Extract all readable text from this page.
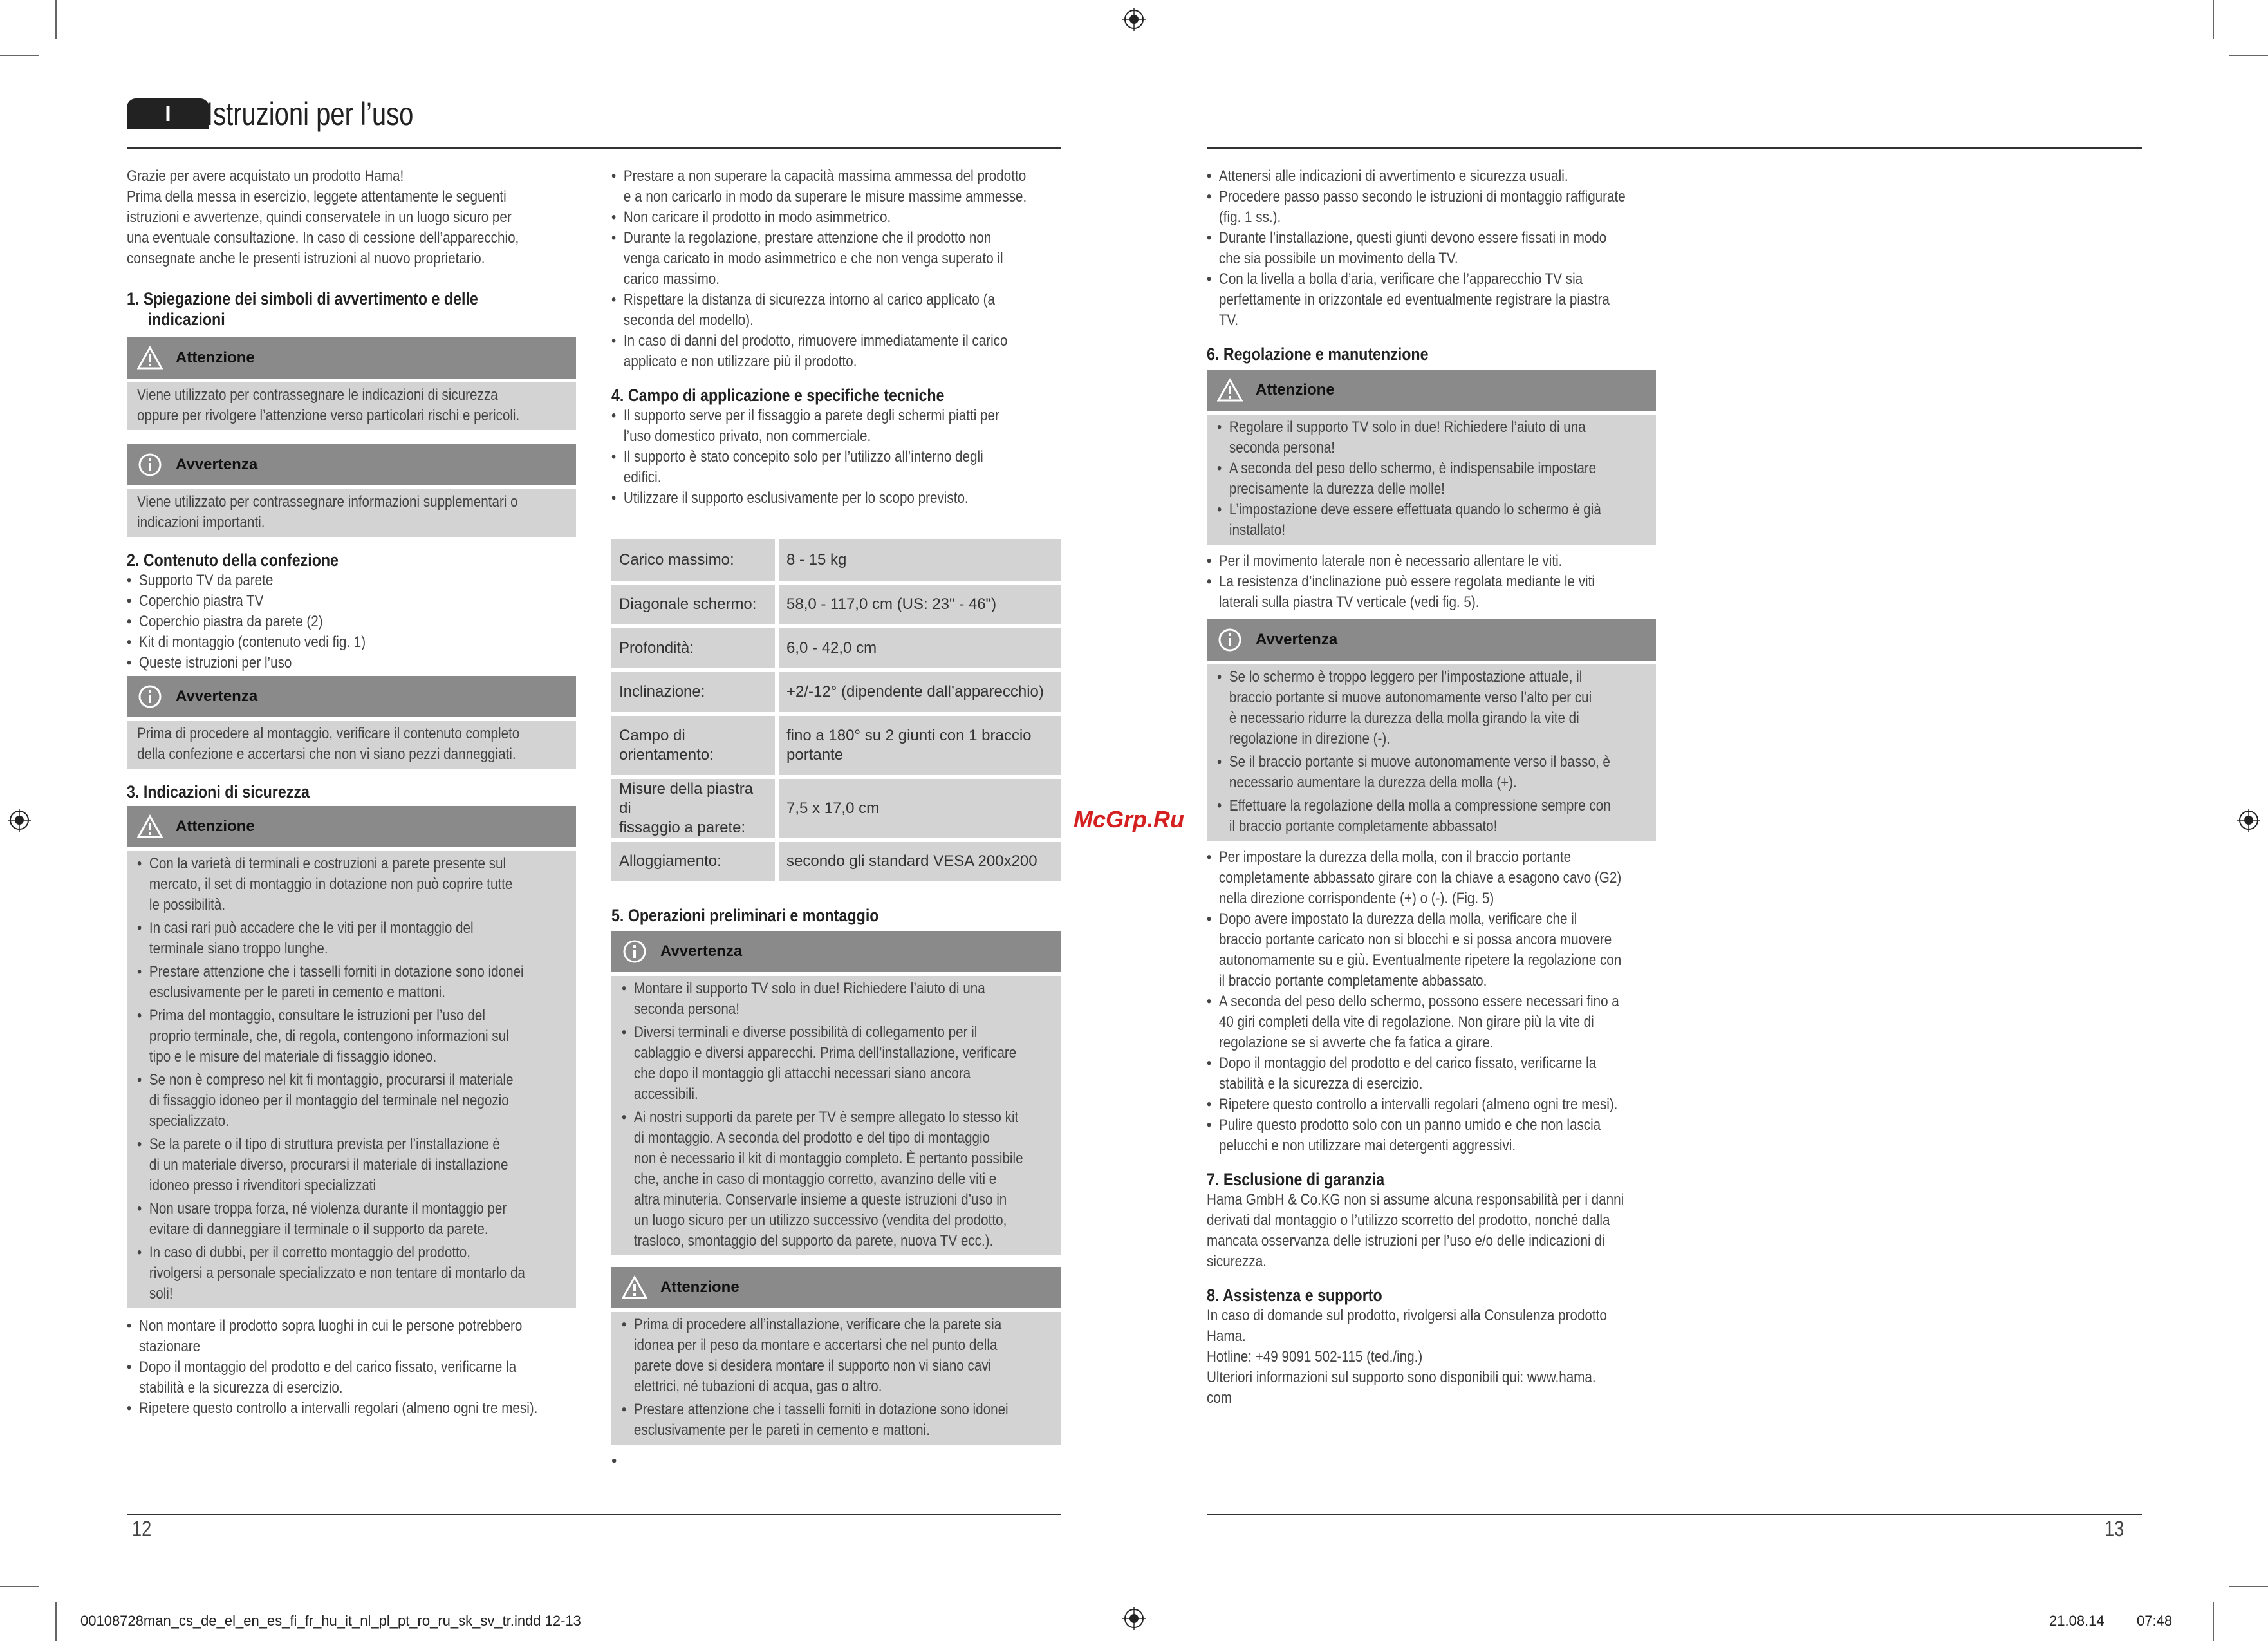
I	Istruzioni per l’uso

Grazie per avere acquistato un prodotto Hama!

Prima della messa in esercizio, leggete attentamente le seguenti

istruzioni e avvertenze, quindi conservatele in un luogo sicuro per

una eventuale consultazione. In caso di cessione dell’apparecchio,

consegnate anche le presenti istruzioni al nuovo proprietario.

1. Spiegazione dei simboli di avvertimento e delle

indicazioni

Attenzione

Viene utilizzato per contrassegnare le indicazioni di sicurezza

oppure per rivolgere l’attenzione verso particolari rischi e pericoli.

Avvertenza

Viene utilizzato per contrassegnare informazioni supplementari o

indicazioni importanti.

2. Contenuto della confezione

• Supporto TV da parete

• Coperchio piastra TV

• Coperchio piastra da parete (2)

• Kit di montaggio (contenuto vedi fig. 1)

• Queste istruzioni per l’uso

Avvertenza

Prima di procedere al montaggio, verificare il contenuto completo

della confezione e accertarsi che non vi siano pezzi danneggiati.

3. Indicazioni di sicurezza

Attenzione

• Con la varietà di terminali e costruzioni a parete presente sul

mercato, il set di montaggio in dotazione non può coprire tutte

le possibilità.

• In casi rari può accadere che le viti per il montaggio del

terminale siano troppo lunghe.

• Prestare attenzione che i tasselli forniti in dotazione sono idonei

esclusivamente per le pareti in cemento e mattoni.

• Prima del montaggio, consultare le istruzioni per l’uso del

proprio terminale, che, di regola, contengono informazioni sul

tipo e le misure del materiale di fissaggio idoneo.

• Se non è compreso nel kit fi montaggio, procurarsi il materiale

di fissaggio idoneo per il montaggio del terminale nel negozio

specializzato.

• Se la parete o il tipo di struttura prevista per l’installazione è

di un materiale diverso, procurarsi il materiale di installazione

idoneo presso i rivenditori specializzati

• Non usare troppa forza, né violenza durante il montaggio per

evitare di danneggiare il terminale o il supporto da parete.

• In caso di dubbi, per il corretto montaggio del prodotto,

rivolgersi a personale specializzato e non tentare di montarlo da

soli!

• Non montare il prodotto sopra luoghi in cui le persone potrebbero

stazionare

• Dopo il montaggio del prodotto e del carico fissato, verificarne la

stabilità e la sicurezza di esercizio.

• Ripetere questo controllo a intervalli regolari (almeno ogni tre mesi).

• Prestare a non superare la capacità massima ammessa del prodotto

e a non caricarlo in modo da superare le misure massime ammesse.

• Non caricare il prodotto in modo asimmetrico.

• Durante la regolazione, prestare attenzione che il prodotto non

venga caricato in modo asimmetrico e che non venga superato il

carico massimo.

• Rispettare la distanza di sicurezza intorno al carico applicato (a

seconda del modello).

• In caso di danni del prodotto, rimuovere immediatamente il carico

applicato e non utilizzare più il prodotto.

4. Campo di applicazione e specifiche tecniche

• Il supporto serve per il fissaggio a parete degli schermi piatti per

l’uso domestico privato, non commerciale.

• Il supporto è stato concepito solo per l’utilizzo all’interno degli

edifici.

• Utilizzare il supporto esclusivamente per lo scopo previsto.

Carico massimo:	8 - 15 kg
Diagonale schermo:	58,0 - 117,0 cm (US: 23" - 46")
Profondità:	6,0 - 42,0 cm
Inclinazione:	+2/-12° (dipendente dall’apparecchio)
Campo di orientamento:	fino a 180° su 2 giunti con 1 braccio
portante

Misure della piastra di
fissaggio a parete:	7,5 x 17,0 cm
Alloggiamento:	secondo gli standard VESA 200x200

5. Operazioni preliminari e montaggio

Avvertenza

• Montare il supporto TV solo in due! Richiedere l’aiuto di una

seconda persona!

• Diversi terminali e diverse possibilità di collegamento per il

cablaggio e diversi apparecchi. Prima dell’installazione, verificare

che dopo il montaggio gli attacchi necessari siano ancora

accessibili.

• Ai nostri supporti da parete per TV è sempre allegato lo stesso kit

di montaggio. A seconda del prodotto e del tipo di montaggio

non è necessario il kit di montaggio completo. È pertanto possibile

che, anche in caso di montaggio corretto, avanzino delle viti e

altra minuteria. Conservarle insieme a queste istruzioni d’uso in

un luogo sicuro per un utilizzo successivo (vendita del prodotto,

trasloco, smontaggio del supporto da parete, nuova TV ecc.).

Attenzione

• Prima di procedere all’installazione, verificare che la parete sia

idonea per il peso da montare e accertarsi che nel punto della

parete dove si desidera montare il supporto non vi siano cavi

elettrici, né tubazioni di acqua, gas o altro.

• Prestare attenzione che i tasselli forniti in dotazione sono idonei

esclusivamente per le pareti in cemento e mattoni.

•

• Attenersi alle indicazioni di avvertimento e sicurezza usuali.

• Procedere passo passo secondo le istruzioni di montaggio raffigurate

(fig. 1 ss.).

• Durante l’installazione, questi giunti devono essere fissati in modo

che sia possibile un movimento della TV.

• Con la livella a bolla d’aria, verificare che l’apparecchio TV sia

perfettamente in orizzontale ed eventualmente registrare la piastra

TV.

6. Regolazione e manutenzione

Attenzione

• Regolare il supporto TV solo in due! Richiedere l’aiuto di una

seconda persona!

• A seconda del peso dello schermo, è indispensabile impostare

precisamente la durezza delle molle!

• L’impostazione deve essere effettuata quando lo schermo è già

installato!

• Per il movimento laterale non è necessario allentare le viti.

• La resistenza d’inclinazione può essere regolata mediante le viti

laterali sulla piastra TV verticale (vedi fig. 5).

Avvertenza

• Se lo schermo è troppo leggero per l’impostazione attuale, il

braccio portante si muove autonomamente verso l’alto per cui

è necessario ridurre la durezza della molla girando la vite di

regolazione in direzione (-).

• Se il braccio portante si muove autonomamente verso il basso, è

necessario aumentare la durezza della molla (+).

• Effettuare la regolazione della molla a compressione sempre con

il braccio portante completamente abbassato!

• Per impostare la durezza della molla, con il braccio portante

completamente abbassato girare con la chiave a esagono cavo (G2)

nella direzione corrispondente (+) o (-). (Fig. 5)

• Dopo avere impostato la durezza della molla, verificare che il

braccio portante caricato non si blocchi e si possa ancora muovere

autonomamente su e giù. Eventualmente ripetere la regolazione con

il braccio portante completamente abbassato.

• A seconda del peso dello schermo, possono essere necessari fino a

40 giri completi della vite di regolazione. Non girare più la vite di

regolazione se si avverte che fa fatica a girare.

• Dopo il montaggio del prodotto e del carico fissato, verificarne la

stabilità e la sicurezza di esercizio.

• Ripetere questo controllo a intervalli regolari (almeno ogni tre mesi).

• Pulire questo prodotto solo con un panno umido e che non lascia

pelucchi e non utilizzare mai detergenti aggressivi.

7. Esclusione di garanzia

Hama GmbH & Co.KG non si assume alcuna responsabilità per i danni

derivati dal montaggio o l’utilizzo scorretto del prodotto, nonché dalla

mancata osservanza delle istruzioni per l’uso e/o delle indicazioni di

sicurezza.

8. Assistenza e supporto

In caso di domande sul prodotto, rivolgersi alla Consulenza prodotto

Hama.

Hotline: +49 9091 502-115 (ted./ing.)

Ulteriori informazioni sul supporto sono disponibili qui: www.hama.

com

McGrp.Ru
12	13
00108728man_cs_de_el_en_es_fi_fr_hu_it_nl_pl_pt_ro_ru_sk_sv_tr.indd 12-13	21.08.14 07:48
